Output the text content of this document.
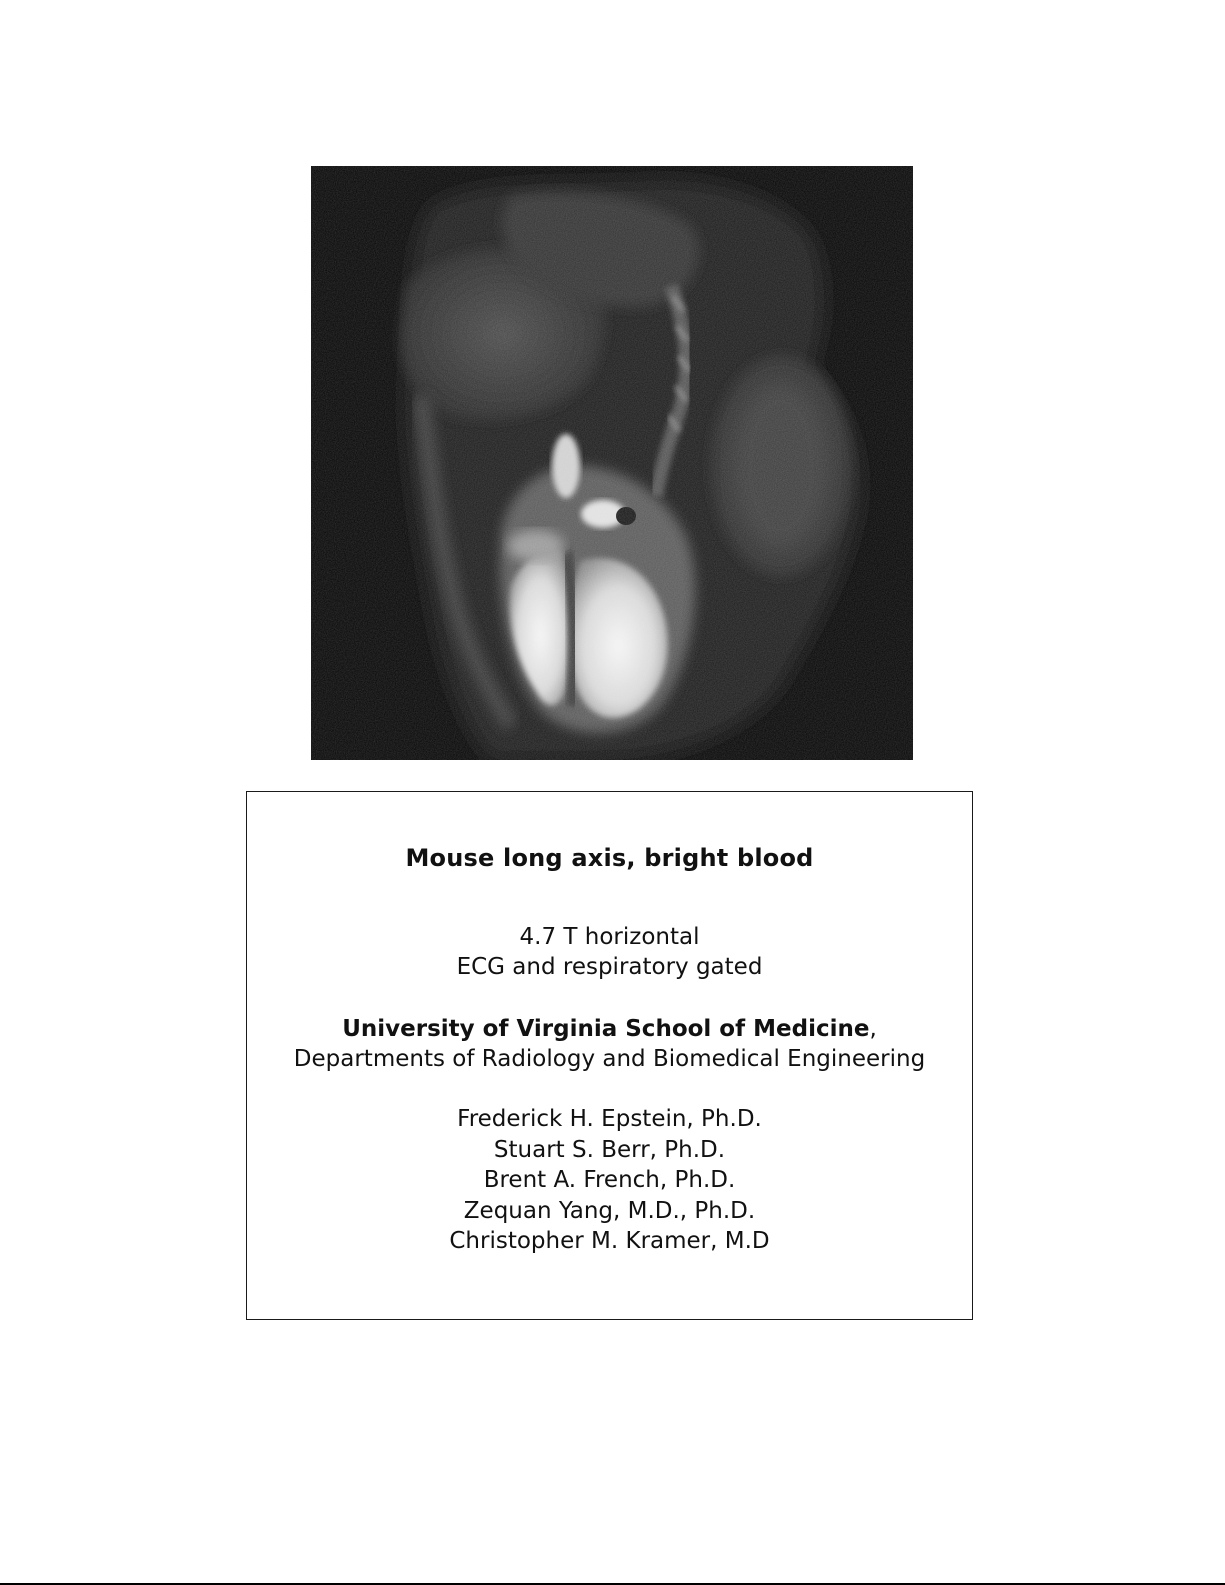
Mouse long axis, bright blood
4.7 T horizontal
ECG and respiratory gated
University of Virginia School of Medicine,
Departments of Radiology and Biomedical Engineering
Frederick H. Epstein, Ph.D.
Stuart S. Berr, Ph.D.
Brent A. French, Ph.D.
Zequan Yang, M.D., Ph.D.
Christopher M. Kramer, M.D
